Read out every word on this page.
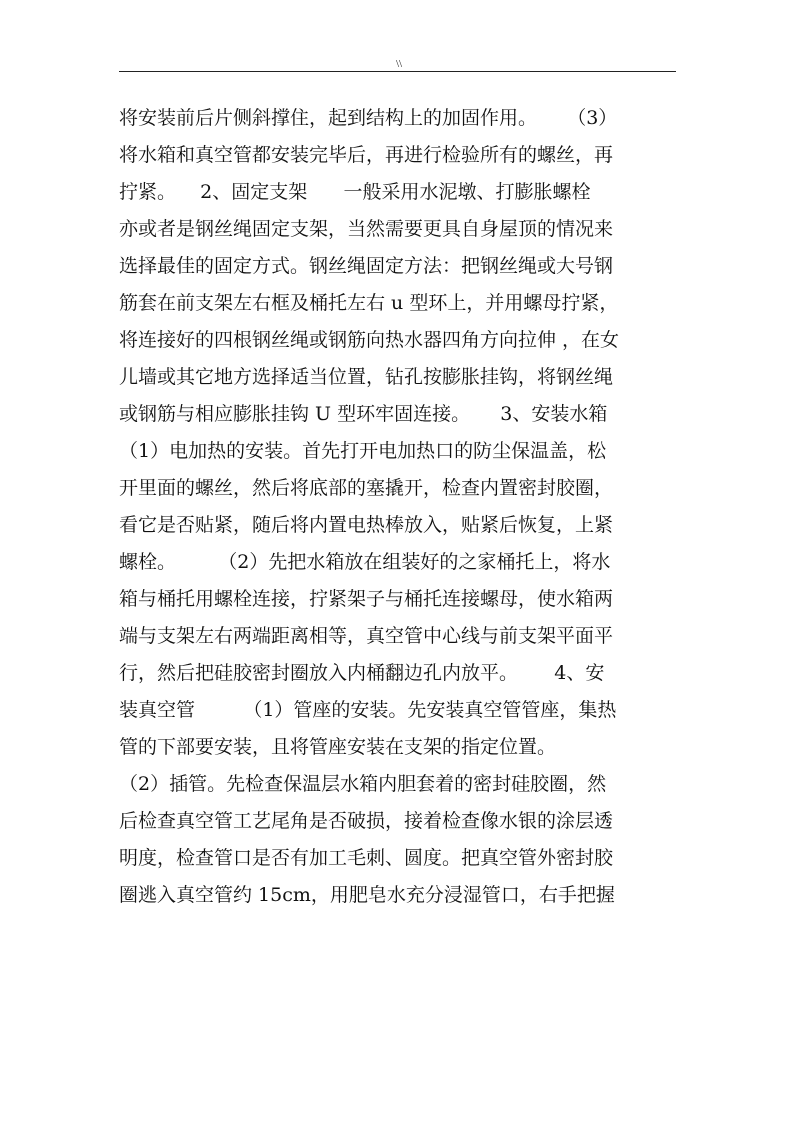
\\
将安装前后片侧斜撑住，起到结构上的加固作用。     （3）
将水箱和真空管都安装完毕后，再进行检验所有的螺丝，再
拧紧。    2、固定支架      一般采用水泥墩、打膨胀螺栓
亦或者是钢丝绳固定支架，当然需要更具自身屋顶的情况来
选择最佳的固定方式。钢丝绳固定方法：把钢丝绳或大号钢
筋套在前支架左右框及桶托左右 u 型环上，并用螺母拧紧，
将连接好的四根钢丝绳或钢筋向热水器四角方向拉伸 ，在女
儿墙或其它地方选择适当位置，钻孔按膨胀挂钩，将钢丝绳
或钢筋与相应膨胀挂钩 U 型环牢固连接。     3、安装水箱
（1）电加热的安装。首先打开电加热口的防尘保温盖，松
开里面的螺丝，然后将底部的塞撬开，检查内置密封胶圈，
看它是否贴紧，随后将内置电热棒放入，贴紧后恢复，上紧
螺栓。       （2）先把水箱放在组装好的之家桶托上，将水
箱与桶托用螺栓连接，拧紧架子与桶托连接螺母，使水箱两
端与支架左右两端距离相等，真空管中心线与前支架平面平
行，然后把硅胶密封圈放入内桶翻边孔内放平。      4、安
装真空管        （1）管座的安装。先安装真空管管座，集热
管的下部要安装，且将管座安装在支架的指定位置。
（2）插管。先检查保温层水箱内胆套着的密封硅胶圈，然
后检查真空管工艺尾角是否破损，接着检查像水银的涂层透
明度，检查管口是否有加工毛刺、圆度。把真空管外密封胶
圈逃入真空管约 15cm，用肥皂水充分浸湿管口，右手把握
